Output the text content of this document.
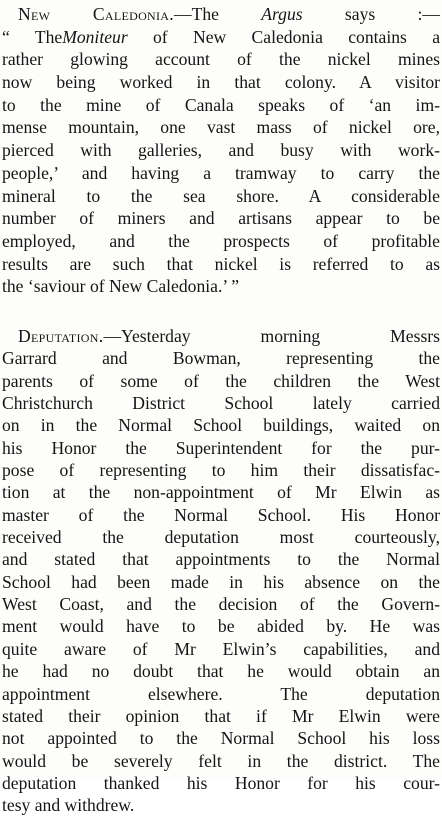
New Caledonia.—The Argus says :—
“ TheMoniteur of New Caledonia contains a
rather glowing account of the nickel mines
now being worked in that colony. A visitor
to the mine of Canala speaks of ‘an im-
mense mountain, one vast mass of nickel ore,
pierced with galleries, and busy with work-
people,’ and having a tramway to carry the
mineral to the sea shore. A considerable
number of miners and artisans appear to be
employed, and the prospects of profitable
results are such that nickel is referred to as
the ‘saviour of New Caledonia.’ ”
Deputation.—Yesterday morning Messrs
Garrard and Bowman, representing the
parents of some of the children the West
Christchurch District School lately carried
on in the Normal School buildings, waited on
his Honor the Superintendent for the pur-
pose of representing to him their dissatisfac-
tion at the non-appointment of Mr Elwin as
master of the Normal School. His Honor
received the deputation most courteously,
and stated that appointments to the Normal
School had been made in his absence on the
West Coast, and the decision of the Govern-
ment would have to be abided by. He was
quite aware of Mr Elwin’s capabilities, and
he had no doubt that he would obtain an
appointment elsewhere. The deputation
stated their opinion that if Mr Elwin were
not appointed to the Normal School his loss
would be severely felt in the district. The
deputation thanked his Honor for his cour-
tesy and withdrew.
